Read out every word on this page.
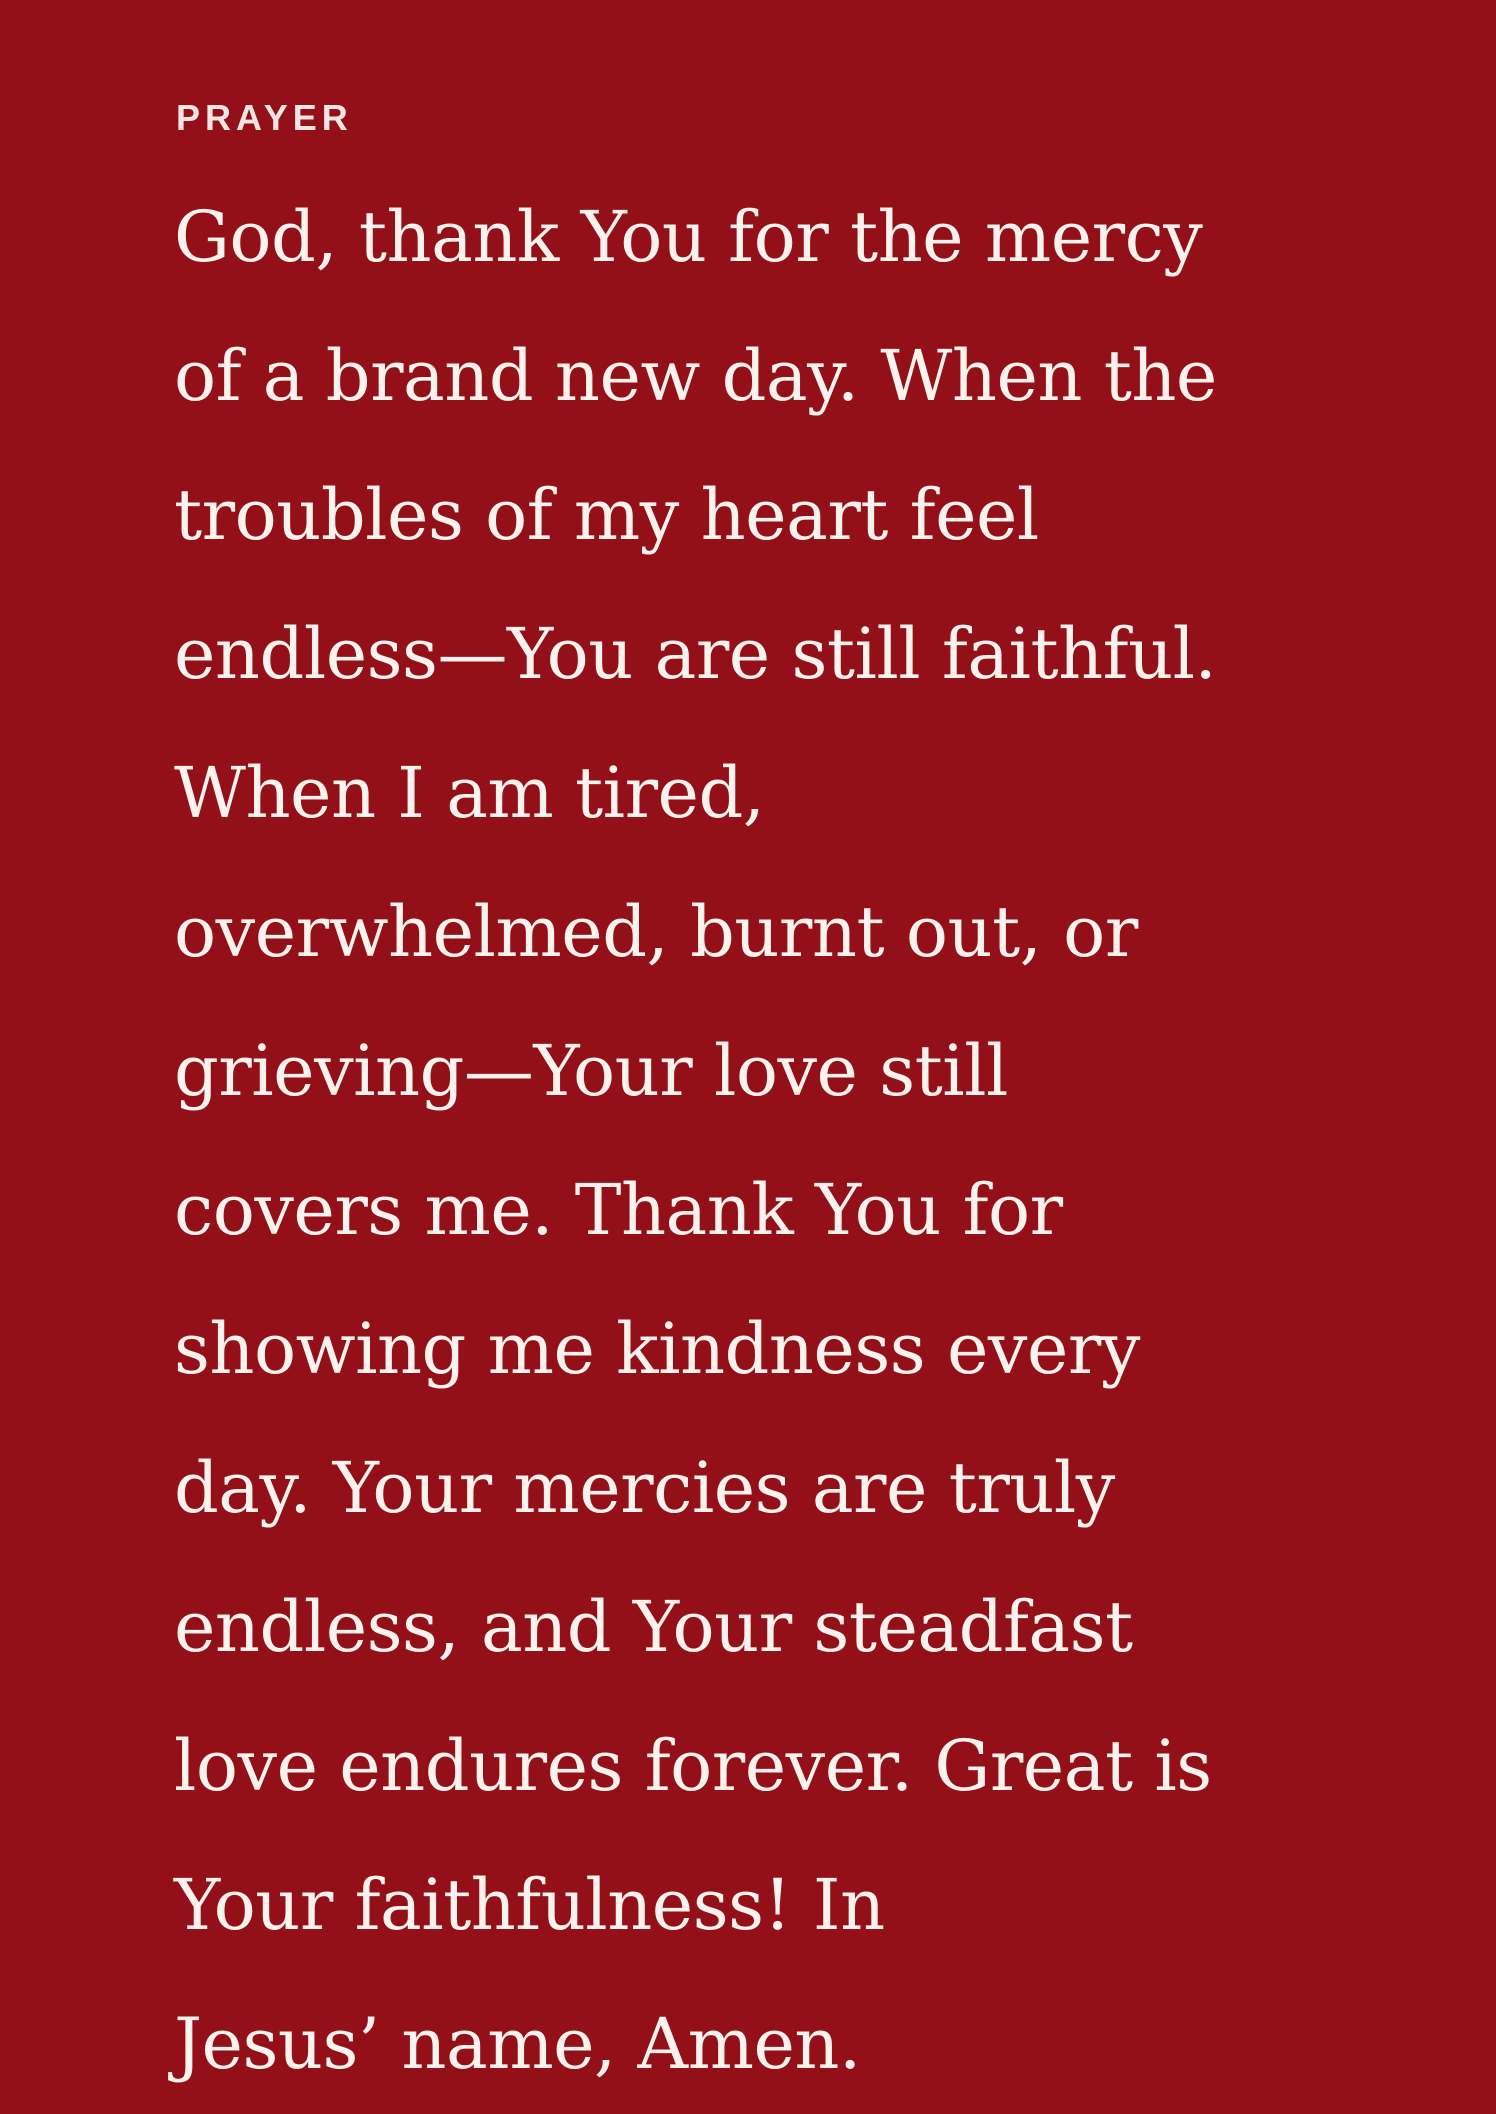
PRAYER

God, thank You for the mercy
of a brand new day. When the
troubles of my heart feel
endless—You are still faithful.
When I am tired,
overwhelmed, burnt out, or
grieving—Your love still
covers me. Thank You for
showing me kindness every
day. Your mercies are truly
endless, and Your steadfast
love endures forever. Great is
Your faithfulness! In
Jesus’ name, Amen.
